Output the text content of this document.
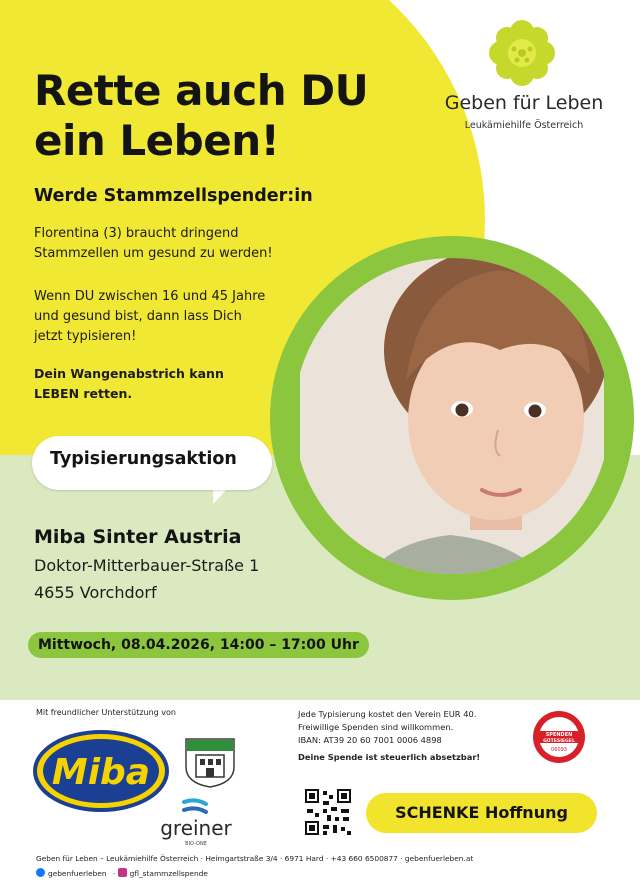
Rette auch DU
ein Leben!
Werde Stammzellspender:in
Florentina (3) braucht dringend
Stammzellen um gesund zu werden!
Wenn DU zwischen 16 und 45 Jahre
und gesund bist, dann lass Dich
jetzt typisieren!
Dein Wangenabstrich kann
LEBEN retten.
Typisierungsaktion
Miba Sinter Austria
Doktor-Mitterbauer-Straße 1
4655 Vorchdorf
Mittwoch, 08.04.2026, 14:00 – 17:00 Uhr
Geben für Leben
Leukämiehilfe Österreich
Mit freundlicher Unterstützung von
Miba
greiner
BIO-ONE
Jede Typisierung kostet den Verein EUR 40.
Freiwillige Spenden sind willkommen.
IBAN: AT39 20 60 7001 0006 4898
Deine Spende ist steuerlich absetzbar!
SPENDEN
GÜTESIEGEL
06093
SCHENKE Hoffnung
Geben für Leben – Leukämiehilfe Österreich · Heimgartstraße 3/4 · 6971 Hard · +43 660 6500877 · gebenfuerleben.at
gebenfuerleben · gfl_stammzellspende
